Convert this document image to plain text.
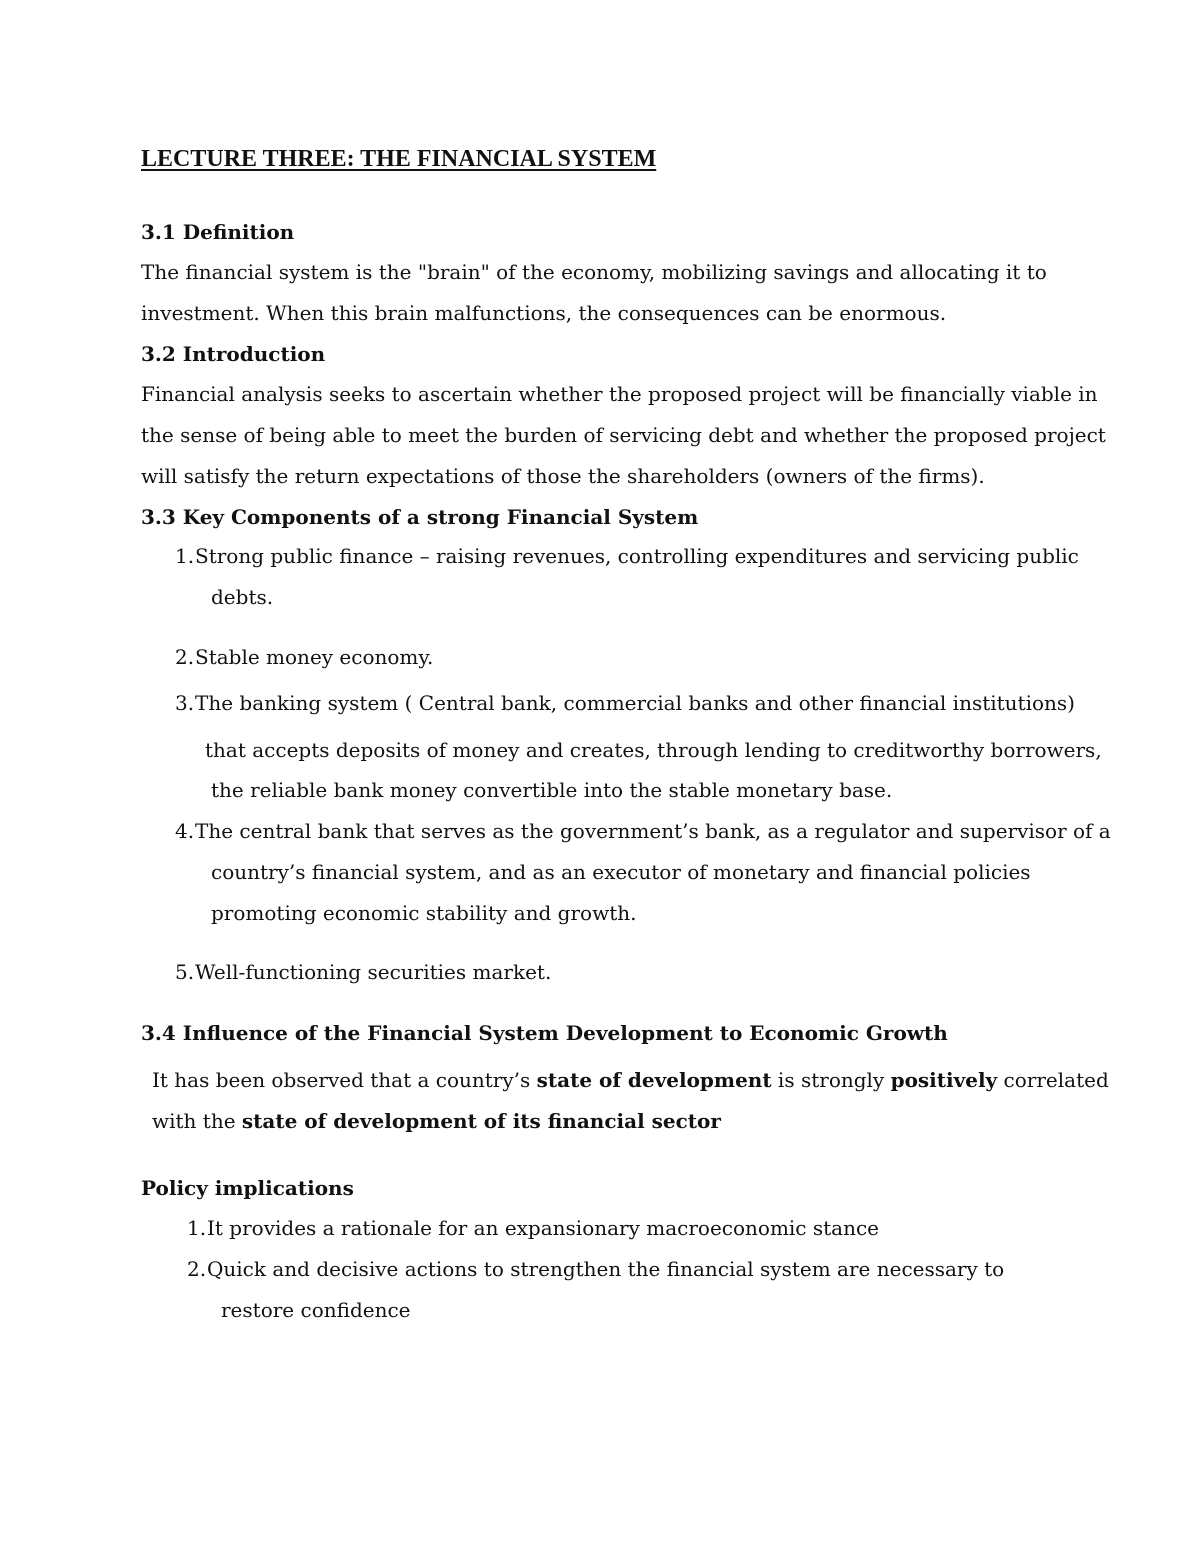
LECTURE THREE: THE FINANCIAL SYSTEM
3.1 Definition
The financial system is the "brain" of the economy, mobilizing savings and allocating it to
investment. When this brain malfunctions, the consequences can be enormous.
3.2 Introduction
Financial analysis seeks to ascertain whether the proposed project will be financially viable in
the sense of being able to meet the burden of servicing debt and whether the proposed project
will satisfy the return expectations of those the shareholders (owners of the firms).
3.3 Key Components of a strong Financial System
1. Strong public finance – raising revenues, controlling expenditures and servicing public
debts.
2. Stable money economy.
3. The banking system ( Central bank, commercial banks and other financial institutions)
that accepts deposits of money and creates, through lending to creditworthy borrowers,
the reliable bank money convertible into the stable monetary base.
4. The central bank that serves as the government’s bank, as a regulator and supervisor of a
country’s financial system, and as an executor of monetary and financial policies
promoting economic stability and growth.
5. Well-functioning securities market.
3.4 Influence of the Financial System Development to Economic Growth
It has been observed that a country’s state of development is strongly positively correlated
with the state of development of its financial sector
Policy implications
1. It provides a rationale for an expansionary macroeconomic stance
2. Quick and decisive actions to strengthen the financial system are necessary to
restore confidence
